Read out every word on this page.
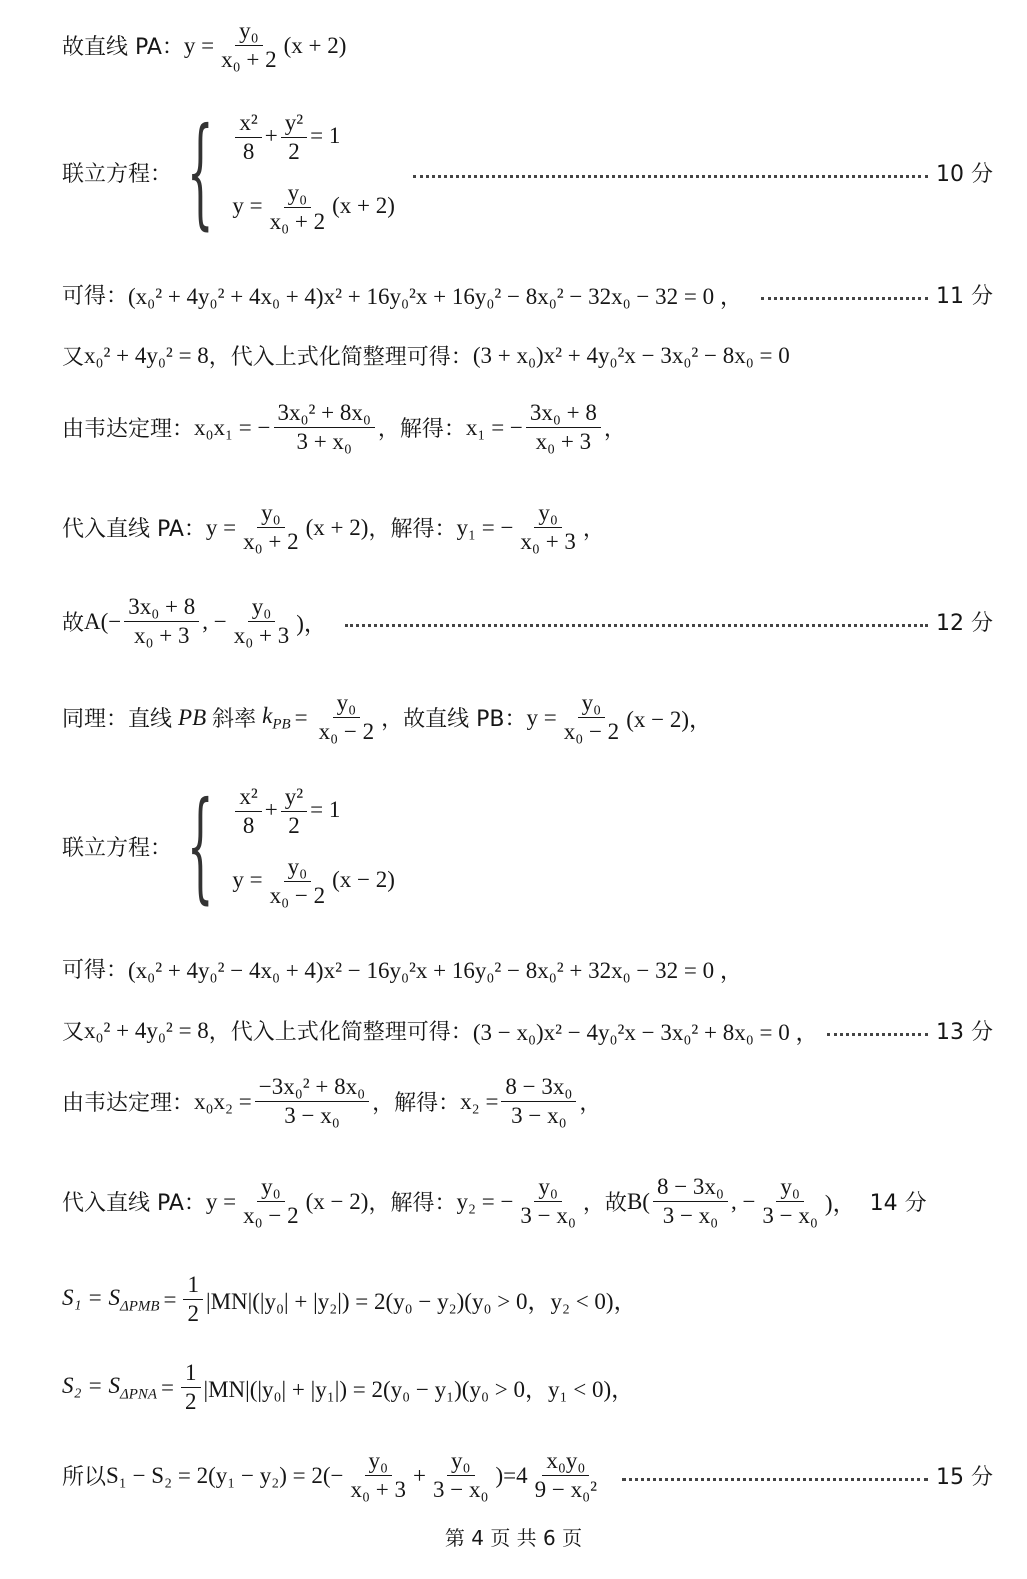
故直线 PA： $y = \frac{\text{y₀}}{\text{x₀ + 2}} (x + 2)$
联立方程： { $\frac{\text{x²}}{8} + \frac{\text{y²}}{2} = 1$
$y = \frac{\text{y₀}}{\text{x₀ + 2}} (x + 2)$
10 分
可得： (x₀² + 4y₀² + 4x₀ + 4)x² + 16y₀²x + 16y₀² − 8x₀² − 32x₀ − 32 = 0 ，	11 分
又 x₀² + 4y₀² = 8 ，代入上式化简整理可得： (3 + x₀)x² + 4y₀²x − 3x₀² − 8x₀ = 0
由韦达定理： x₀x₁ = − $\frac{\text{3x₀² + 8x₀}}{\text{3 + x₀}}$ ，解得： x₁ = − $\frac{\text{3x₀ + 8}}{\text{x₀ + 3}}$ ，
代入直线 PA： $y = \frac{\text{y₀}}{\text{x₀ + 2}} (x + 2)$ ，解得： y₁ = − $\frac{\text{y₀}}{\text{x₀ + 3}}$ ，
故 $A(- \frac{\text{3x₀ + 8}}{\text{x₀ + 3}}$ , − $\frac{\text{y₀}}{\text{x₀ + 3}}$ )，	12 分
同理：直线 PB 斜率 $k_{PB} = \frac{\text{y₀}}{\text{x₀ − 2}}$ ，故直线 PB： $y = \frac{\text{y₀}}{\text{x₀ − 2}} (x - 2)$，
联立方程： { $\frac{\text{x²}}{8} + \frac{\text{y²}}{2} = 1$
$y = \frac{\text{y₀}}{\text{x₀ − 2}} (x - 2)$
可得： (x₀² + 4y₀² − 4x₀ + 4)x² − 16y₀²x + 16y₀² − 8x₀² + 32x₀ − 32 = 0 ，
又 x₀² + 4y₀² = 8 ，代入上式化简整理可得： (3 − x₀)x² − 4y₀²x − 3x₀² + 8x₀ = 0 ，	13 分
由韦达定理： $x_0x_2 = \frac{\text{−3x₀² + 8x₀}}{\text{3 − x₀}}$ ，解得： $x_2 = \frac{\text{8 − 3x₀}}{\text{3 − x₀}}$ ，
代入直线 PA： $y = \frac{\text{y₀}}{\text{x₀ − 2}} (x - 2)$ ，解得： y₂ = − $\frac{\text{y₀}}{\text{3 − x₀}}$ ，故 $B( \frac{\text{8 − 3x₀}}{\text{3 − x₀}}$ , − $\frac{\text{y₀}}{\text{3 − x₀}}$ )， 14 分
$S_1 = S_{\Delta PMB} = \frac{1}{2} |MN|(|y_0| + |y_2|) = 2(y_0 - y_2)(y_0 > 0$，y₂ < 0)，
$S_2 = S_{\Delta PNA} = \frac{1}{2} |MN|(|y_0| + |y_1|) = 2(y_0 - y_1)(y_0 > 0$，y₁ < 0)，
所以 $S_1 - S_2 = 2(y_1 - y_2) = 2(- \frac{\text{y₀}}{\text{x₀ + 3}} + \frac{\text{y₀}}{\text{3 − x₀}} )=4 \frac{\text{x₀y₀}}{\text{9 − x₀²}}$	15 分
第 4 页 共 6 页
